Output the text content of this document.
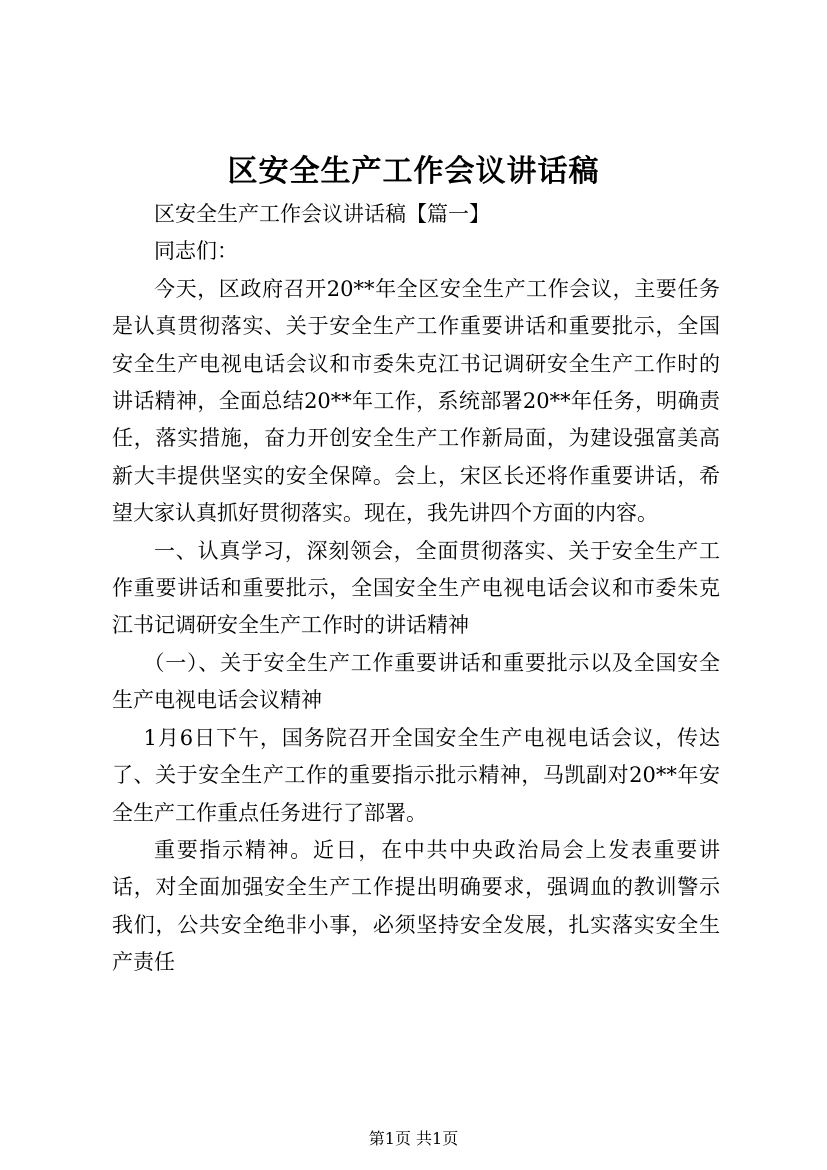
区安全生产工作会议讲话稿

区安全生产工作会议讲话稿【篇一】

同志们：

今天，区政府召开20**年全区安全生产工作会议，主要任务是认真贯彻落实、关于安全生产工作重要讲话和重要批示，全国安全生产电视电话会议和市委朱克江书记调研安全生产工作时的讲话精神，全面总结20**年工作，系统部署20**年任务，明确责任，落实措施，奋力开创安全生产工作新局面，为建设强富美高新大丰提供坚实的安全保障。会上，宋区长还将作重要讲话，希望大家认真抓好贯彻落实。现在，我先讲四个方面的内容。

一、认真学习，深刻领会，全面贯彻落实、关于安全生产工作重要讲话和重要批示，全国安全生产电视电话会议和市委朱克江书记调研安全生产工作时的讲话精神

（一）、关于安全生产工作重要讲话和重要批示以及全国安全生产电视电话会议精神

1月6日下午，国务院召开全国安全生产电视电话会议，传达了、关于安全生产工作的重要指示批示精神，马凯副对20**年安全生产工作重点任务进行了部署。

重要指示精神。近日，在中共中央政治局会上发表重要讲话，对全面加强安全生产工作提出明确要求，强调血的教训警示我们，公共安全绝非小事，必须坚持安全发展，扎实落实安全生产责任

第1页 共1页
